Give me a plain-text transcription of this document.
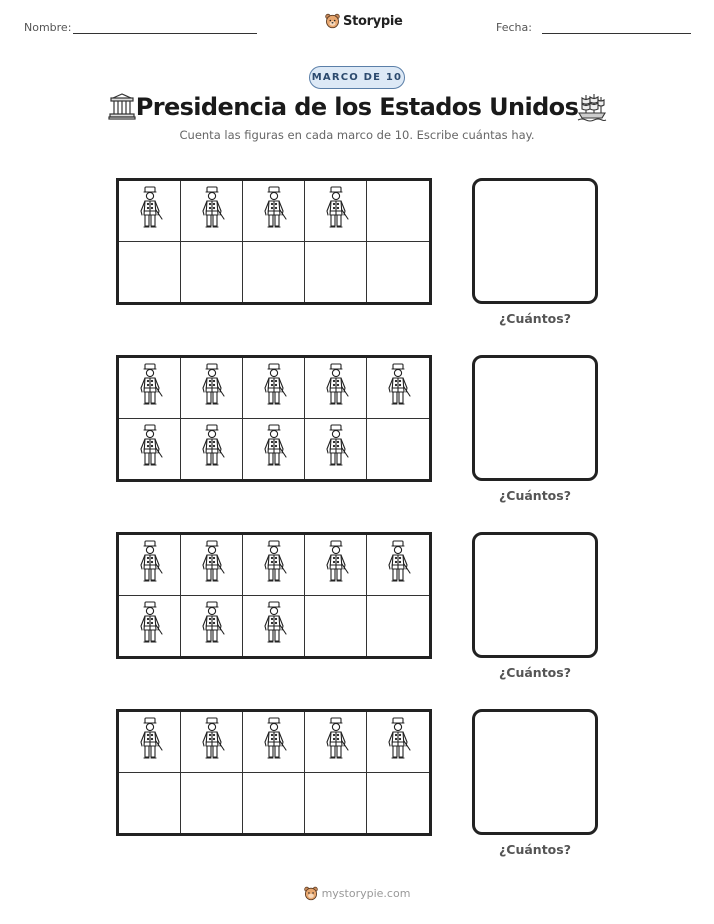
Nombre:	Storypie	Fecha:
MARCO DE 10
Presidencia de los Estados Unidos
Cuenta las figuras en cada marco de 10. Escribe cuántas hay.
¿Cuántos?
¿Cuántos?
¿Cuántos?
¿Cuántos?
mystorypie.com
